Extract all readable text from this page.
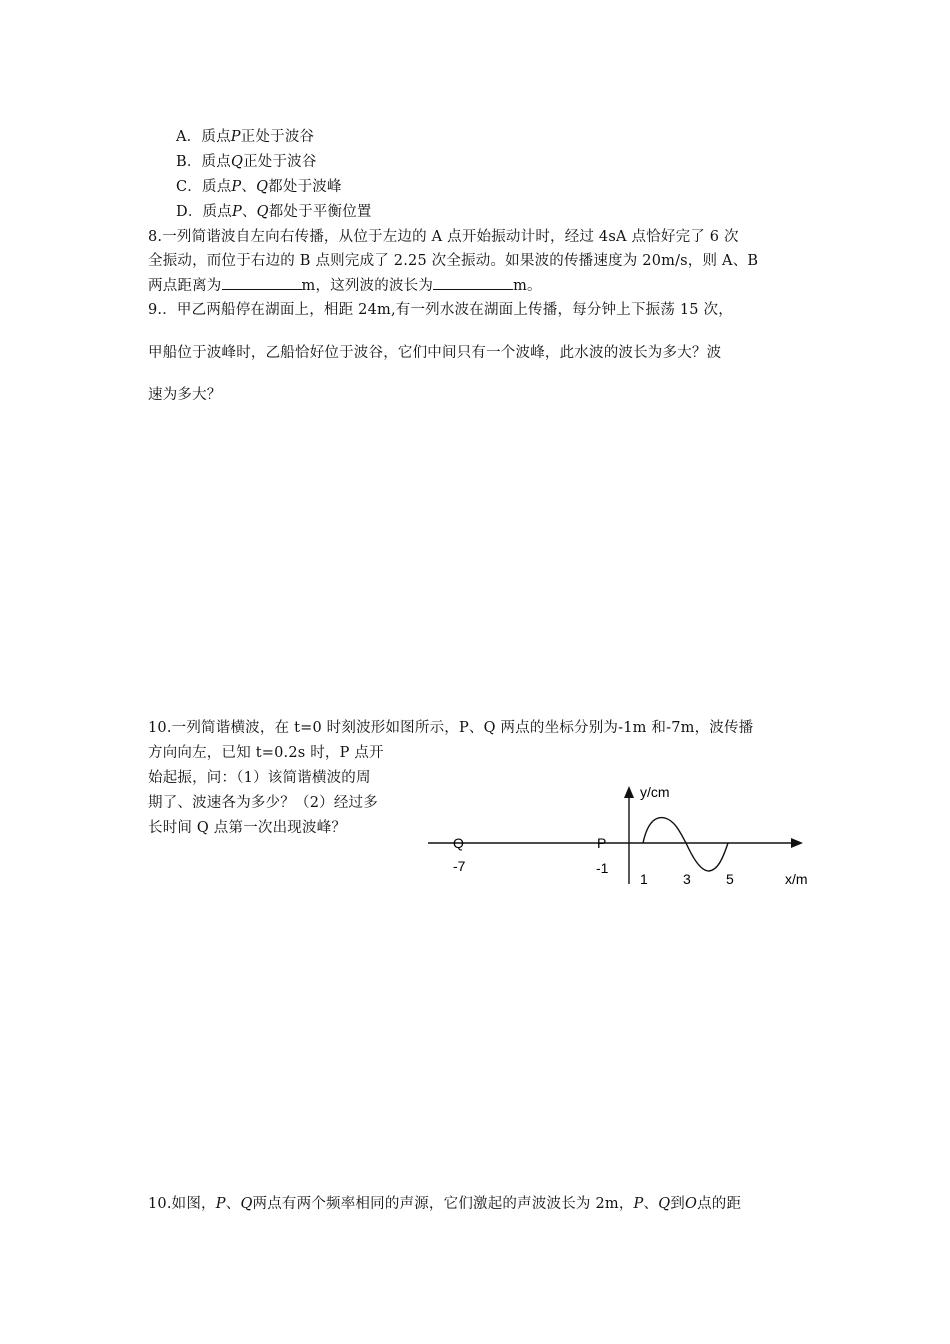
A．质点P正处于波谷
B．质点Q正处于波谷
C．质点P、Q都处于波峰
D．质点P、Q都处于平衡位置
8.一列简谐波自左向右传播，从位于左边的 A 点开始振动计时，经过 4sA 点恰好完了 6 次
全振动，而位于右边的 B 点则完成了 2.25 次全振动。如果波的传播速度为 20m/s，则 A、B
两点距离为	m，这列波的波长为	m。
9.．甲乙两船停在湖面上，相距 24m,有一列水波在湖面上传播，每分钟上下振荡 15 次，
甲船位于波峰时，乙船恰好位于波谷，它们中间只有一个波峰，此水波的波长为多大？波
速为多大？
10.一列简谐横波，在 t=0 时刻波形如图所示，P、Q 两点的坐标分别为-1m 和-7m，波传播
方向向左，已知 t=0.2s 时，P 点开
始起振，问：（1）该简谐横波的周
期了、波速各为多少？（2）经过多
长时间 Q 点第一次出现波峰？
y/cm
Q	P
-7	-1
1	3	5	x/m
10.如图，P、Q两点有两个频率相同的声源，它们激起的声波波长为 2m，P、Q到O点的距
